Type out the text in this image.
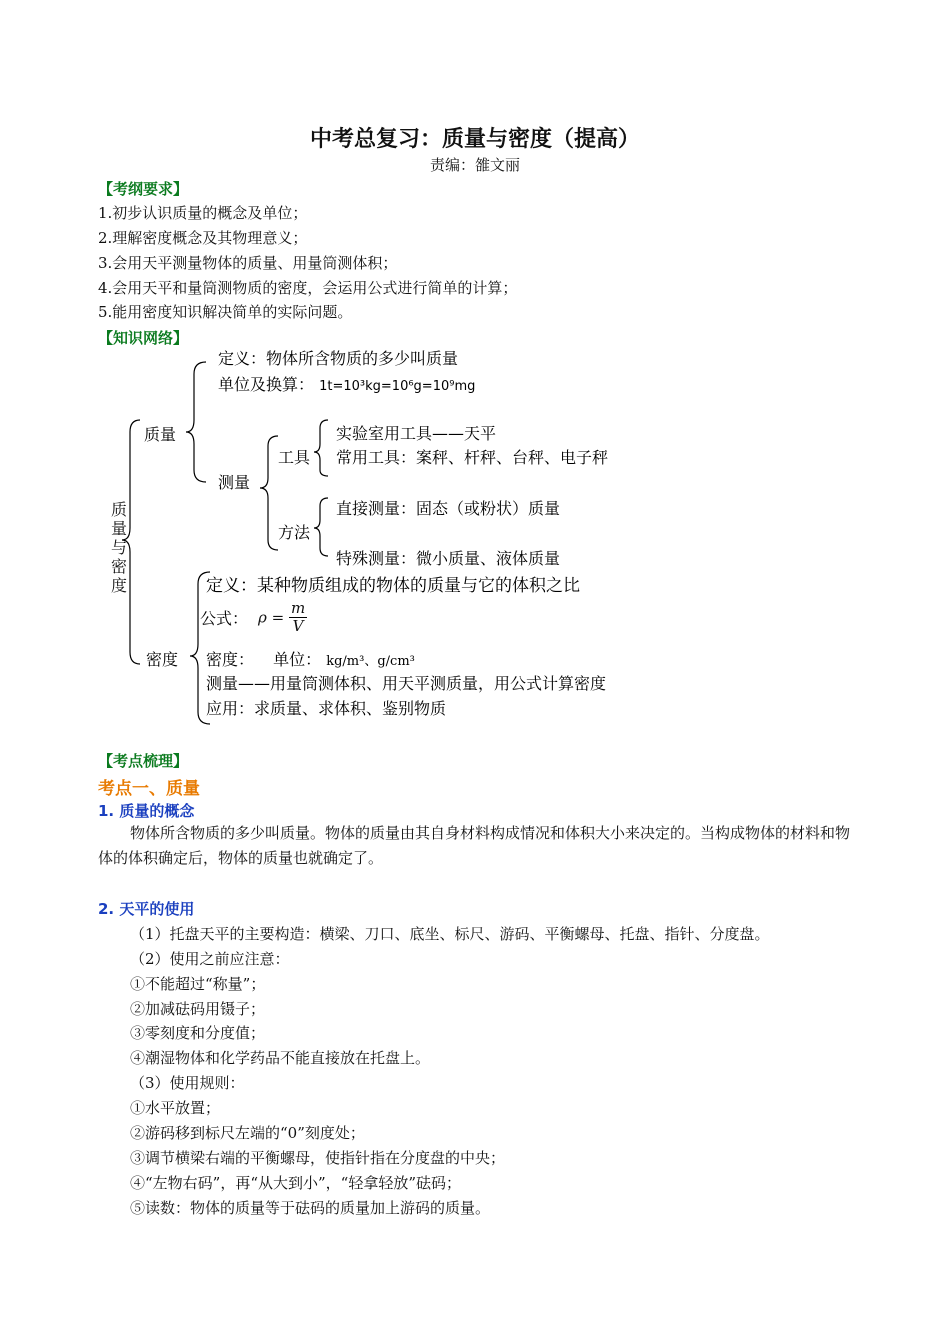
中考总复习：质量与密度（提高）
责编：雒文丽
【考纲要求】
1.初步认识质量的概念及单位；
2.理解密度概念及其物理意义；
3.会用天平测量物体的质量、用量筒测体积；
4.会用天平和量筒测物质的密度，会运用公式进行简单的计算；
5.能用密度知识解决简单的实际问题。
【知识网络】
质量与密度
质量
定义：物体所含物质的多少叫质量
单位及换算： 1t=10³kg=10⁶g=10⁹mg
测量
工具
实验室用工具——天平
常用工具：案秤、杆秤、台秤、电子秤
方法
直接测量：固态（或粉状）质量
特殊测量：微小质量、液体质量
密度
定义：某种物质组成的物体的质量与它的体积之比
公式： $\rho = \frac{m}{V}$
密度： 单位： kg/m³、g/cm³
测量——用量筒测体积、用天平测质量，用公式计算密度
应用：求质量、求体积、鉴别物质
【考点梳理】
考点一、质量
1. 质量的概念
物体所含物质的多少叫质量。物体的质量由其自身材料构成情况和体积大小来决定的。当构成物体的材料和物体的体积确定后，物体的质量也就确定了。
2. 天平的使用
（1）托盘天平的主要构造：横梁、刀口、底坐、标尺、游码、平衡螺母、托盘、指针、分度盘。
（2）使用之前应注意：
①不能超过“称量”；
②加减砝码用镊子；
③零刻度和分度值；
④潮湿物体和化学药品不能直接放在托盘上。
（3）使用规则：
①水平放置；
②游码移到标尺左端的“0”刻度处；
③调节横梁右端的平衡螺母，使指针指在分度盘的中央；
④“左物右码”，再“从大到小”，“轻拿轻放”砝码；
⑤读数：物体的质量等于砝码的质量加上游码的质量。
